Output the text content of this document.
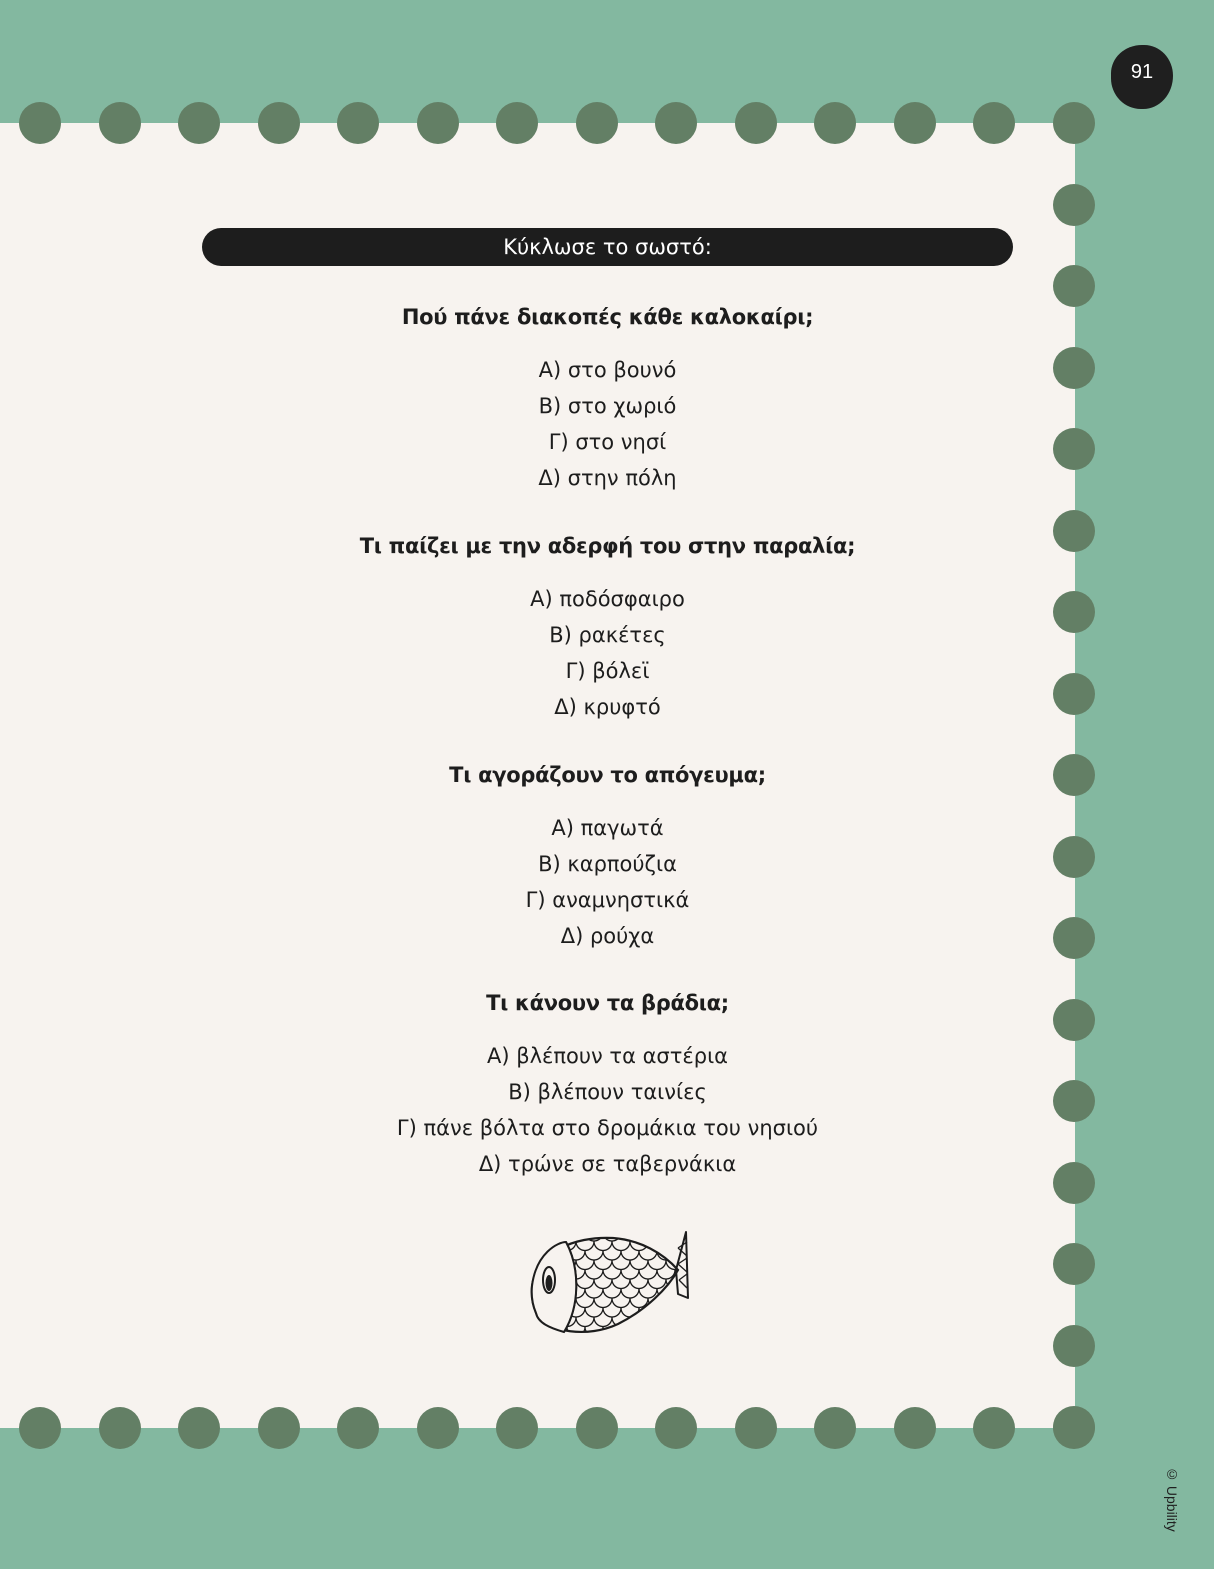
91
© Upbility
Κύκλωσε το σωστό:
Πού πάνε διακοπές κάθε καλοκαίρι;
Α) στο βουνό
Β) στο χωριό
Γ) στο νησί
Δ) στην πόλη
Τι παίζει με την αδερφή του στην παραλία;
Α) ποδόσφαιρο
Β) ρακέτες
Γ) βόλεϊ
Δ) κρυφτό
Τι αγοράζουν το απόγευμα;
Α) παγωτά
Β) καρπούζια
Γ) αναμνηστικά
Δ) ρούχα
Τι κάνουν τα βράδια;
Α) βλέπουν τα αστέρια
Β) βλέπουν ταινίες
Γ) πάνε βόλτα στο δρομάκια του νησιού
Δ) τρώνε σε ταβερνάκια
